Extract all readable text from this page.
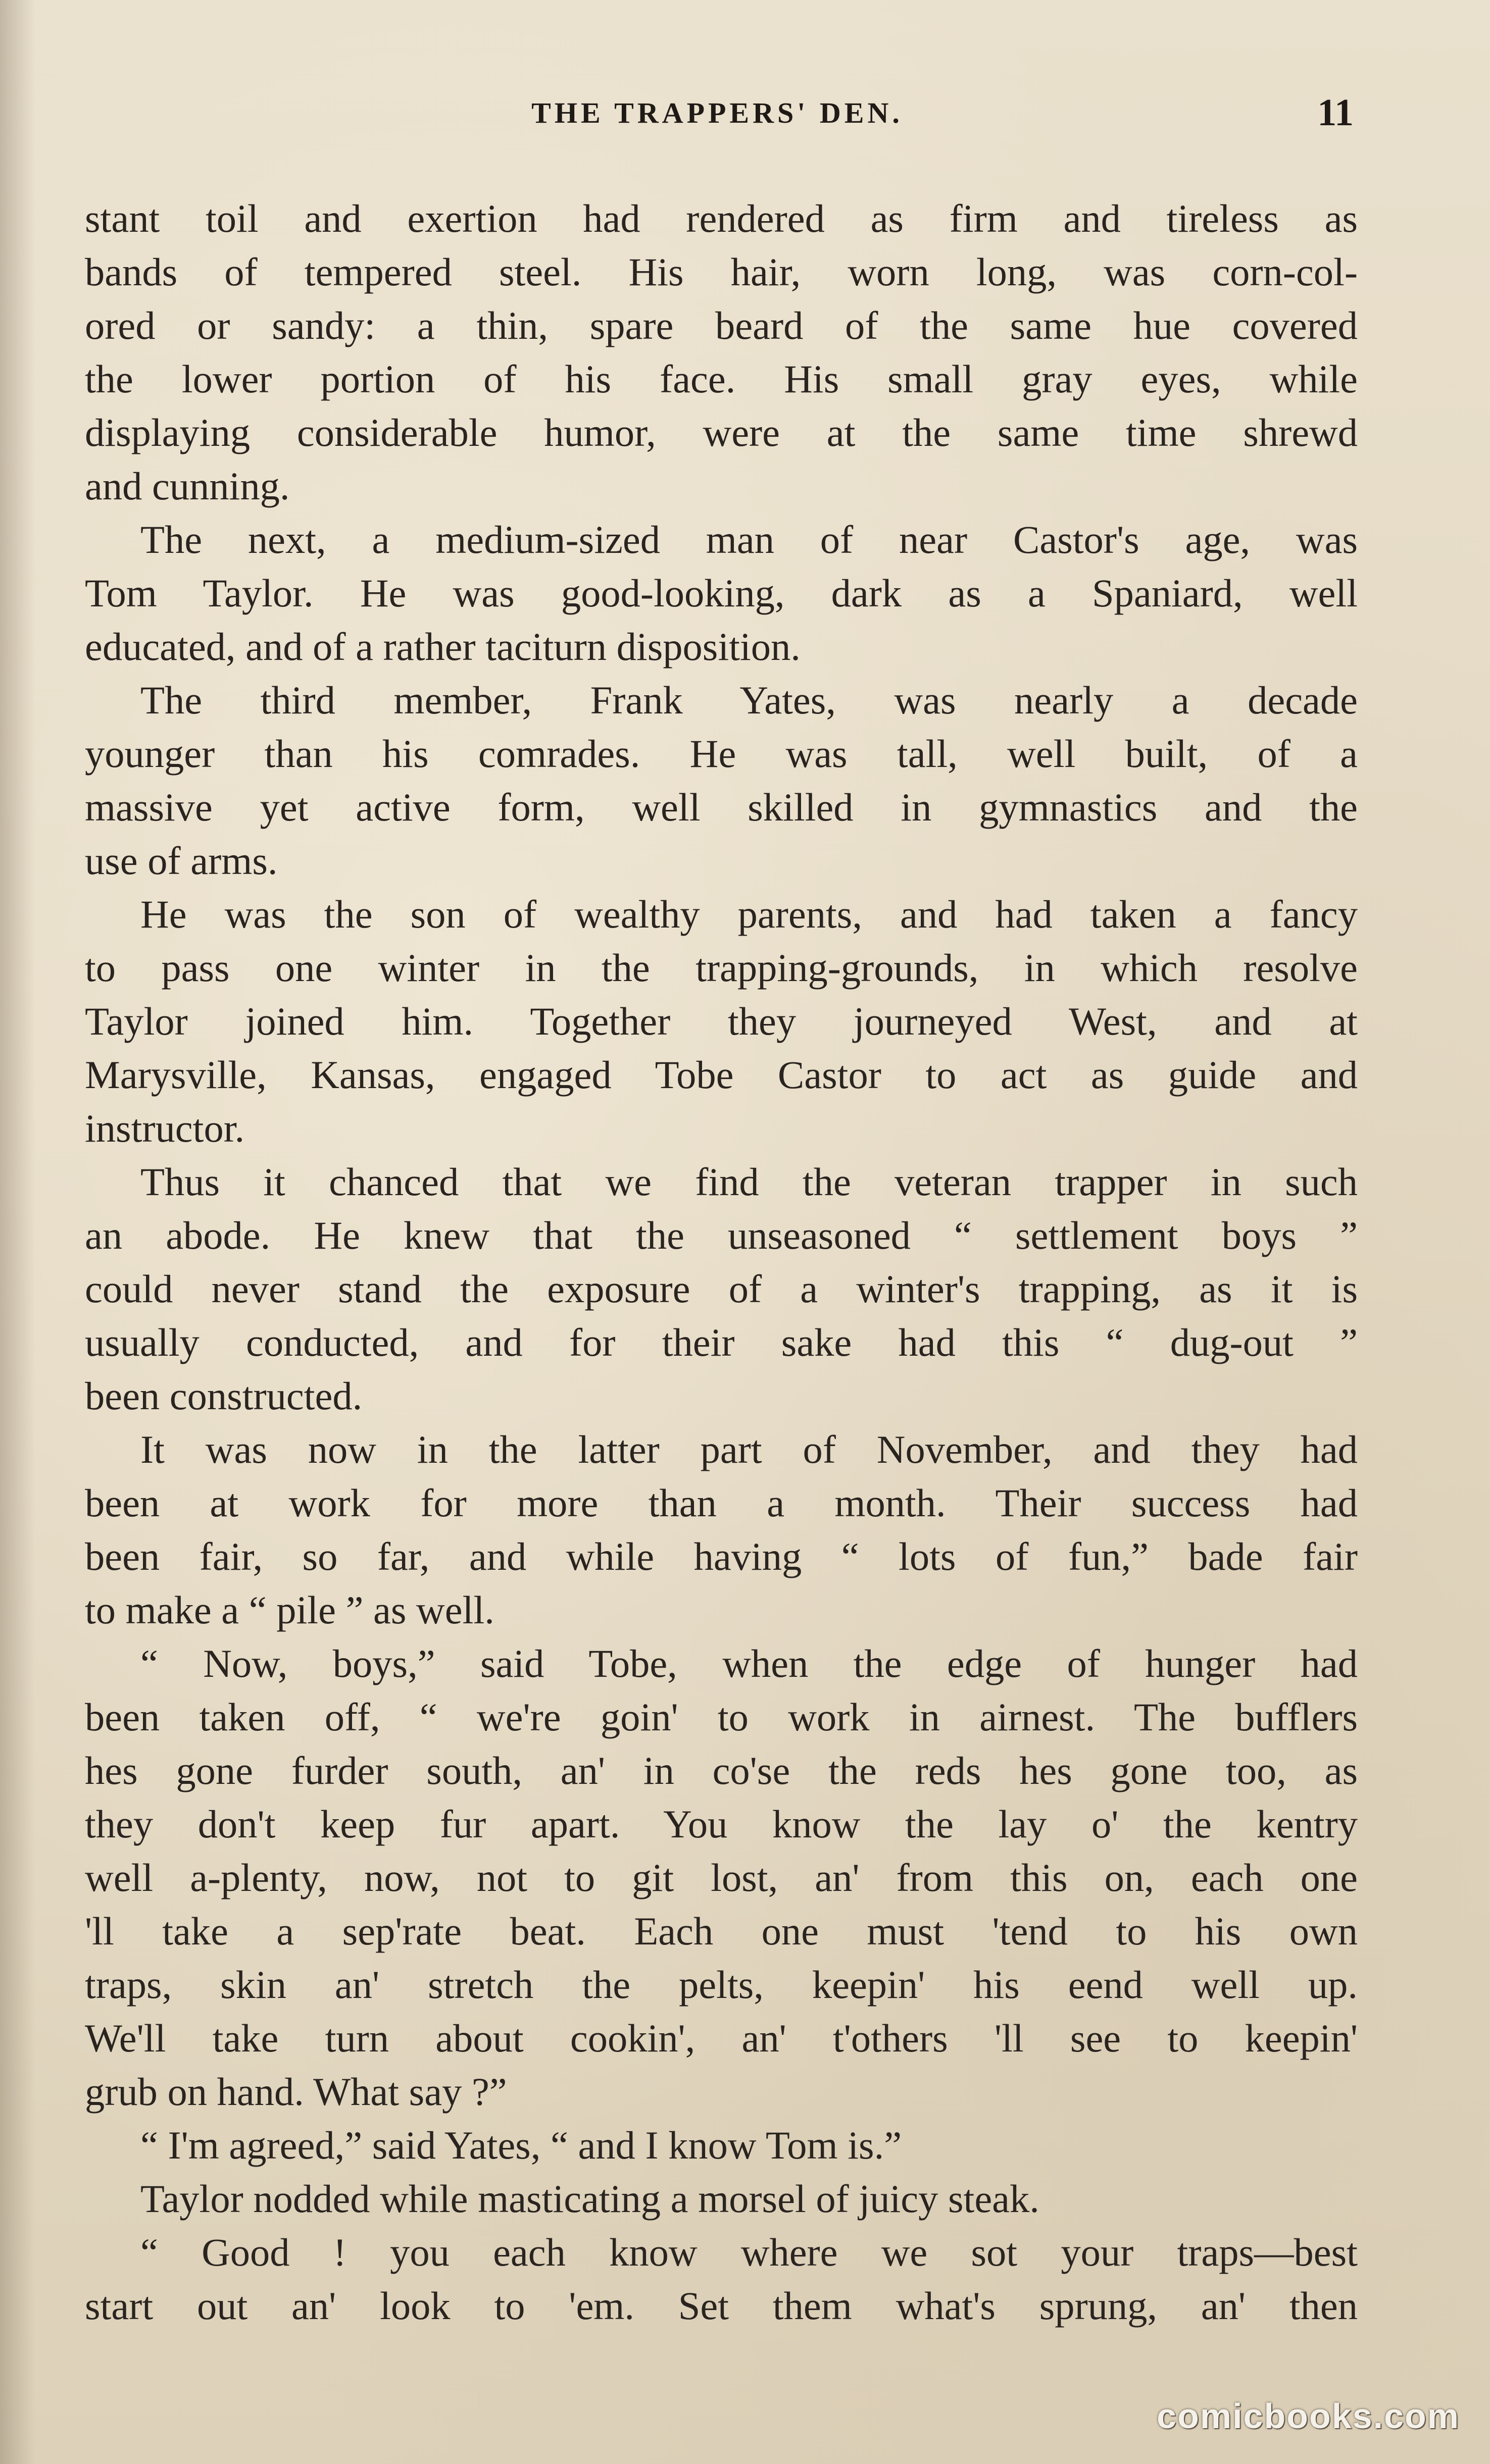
THE TRAPPERS' DEN.	11
stant toil and exertion had rendered as firm and tireless as
bands of tempered steel. His hair, worn long, was corn-col-
ored or sandy: a thin, spare beard of the same hue covered
the lower portion of his face. His small gray eyes, while
displaying considerable humor, were at the same time shrewd
and cunning.
The next, a medium-sized man of near Castor's age, was
Tom Taylor. He was good-looking, dark as a Spaniard, well
educated, and of a rather taciturn disposition.
The third member, Frank Yates, was nearly a decade
younger than his comrades. He was tall, well built, of a
massive yet active form, well skilled in gymnastics and the
use of arms.
He was the son of wealthy parents, and had taken a fancy
to pass one winter in the trapping-grounds, in which resolve
Taylor joined him. Together they journeyed West, and at
Marysville, Kansas, engaged Tobe Castor to act as guide and
instructor.
Thus it chanced that we find the veteran trapper in such
an abode. He knew that the unseasoned “ settlement boys ”
could never stand the exposure of a winter's trapping, as it is
usually conducted, and for their sake had this “ dug-out ”
been constructed.
It was now in the latter part of November, and they had
been at work for more than a month. Their success had
been fair, so far, and while having “ lots of fun,” bade fair
to make a “ pile ” as well.
“ Now, boys,” said Tobe, when the edge of hunger had
been taken off, “ we're goin' to work in airnest. The bufflers
hes gone furder south, an' in co'se the reds hes gone too, as
they don't keep fur apart. You know the lay o' the kentry
well a-plenty, now, not to git lost, an' from this on, each one
'll take a sep'rate beat. Each one must 'tend to his own
traps, skin an' stretch the pelts, keepin' his eend well up.
We'll take turn about cookin', an' t'others 'll see to keepin'
grub on hand. What say ?”
“ I'm agreed,” said Yates, “ and I know Tom is.”
Taylor nodded while masticating a morsel of juicy steak.
“ Good ! you each know where we sot your traps—best
start out an' look to 'em. Set them what's sprung, an' then
comicbooks.com
